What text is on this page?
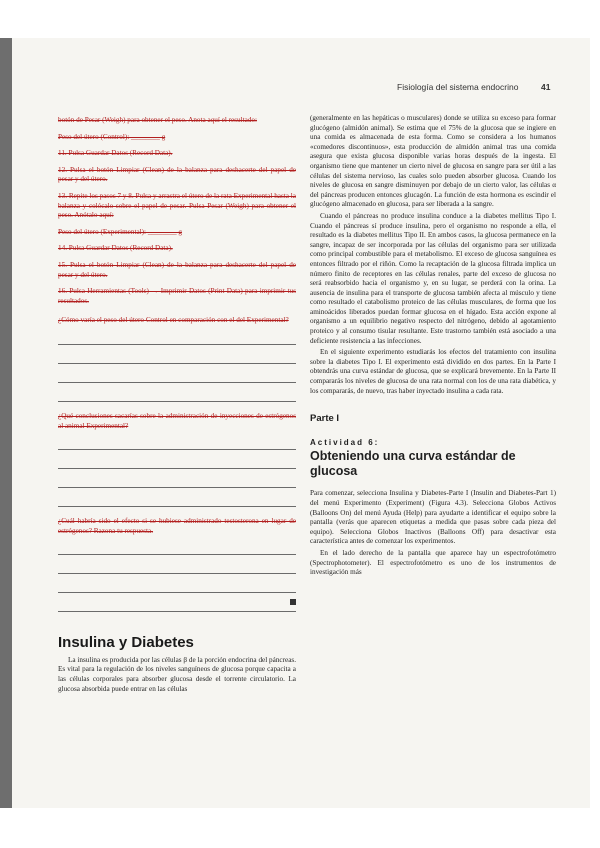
Fisiología del sistema endocrino	41
botón de Pesar (Weigh) para obtener el peso. Anota aquí el resultado:
Peso del útero (Control): ________ g
11. Pulsa Guardar Datos (Record Data).
12. Pulsa el botón Limpiar (Clean) de la balanza para deshacerte del papel de pesar y del útero.
13. Repite los pasos 7 y 8. Pulsa y arrastra el útero de la rata Experimental hasta la balanza y colócalo sobre el papel de pesar. Pulsa Pesar (Weigh) para obtener el peso. Anótalo aquí:
Peso del útero (Experimental): ________ g
14. Pulsa Guardar Datos (Record Data).
15. Pulsa el botón Limpiar (Clean) de la balanza para deshacerte del papel de pesar y del útero.
16. Pulsa Herramientas (Tools) → Imprimir Datos (Print Data) para imprimir tus resultados.
¿Cómo varía el peso del útero Control en comparación con el del Experimental?
¿Qué conclusiones sacarías sobre la administración de inyecciones de estrógenos al animal Experimental?
¿Cuál habría sido el efecto si se hubiese administrado testosterona en lugar de estrógenos? Razona tu respuesta.
Insulina y Diabetes

La insulina es producida por las células β de la porción endocrina del páncreas. Es vital para la regulación de los niveles sanguíneos de glucosa porque capacita a las células corporales para absorber glucosa desde el torrente circulatorio. La glucosa absorbida puede entrar en las células

(generalmente en las hepáticas o musculares) donde se utiliza su exceso para formar glucógeno (almidón animal). Se estima que el 75% de la glucosa que se ingiere en una comida es almacenada de esta forma. Como se considera a los humanos «comedores discontinuos», esta producción de almidón animal tras una comida asegura que exista glucosa disponible varias horas después de la ingesta. El organismo tiene que mantener un cierto nivel de glucosa en sangre para ser útil a las células del sistema nervioso, las cuales solo pueden absorber glucosa. Cuando los niveles de glucosa en sangre disminuyen por debajo de un cierto valor, las células α del páncreas producen entonces glucagón. La función de esta hormona es escindir el glucógeno almacenado en glucosa, para ser liberada a la sangre.

Cuando el páncreas no produce insulina conduce a la diabetes mellitus Tipo I. Cuando el páncreas sí produce insulina, pero el organismo no responde a ella, el resultado es la diabetes mellitus Tipo II. En ambos casos, la glucosa permanece en la sangre, incapaz de ser incorporada por las células del organismo para ser utilizada como principal combustible para el metabolismo. El exceso de glucosa sanguínea es entonces filtrado por el riñón. Como la recaptación de la glucosa filtrada implica un número finito de receptores en las células renales, parte del exceso de glucosa no será reabsorbido hacia el organismo y, en su lugar, se perderá con la orina. La ausencia de insulina para el transporte de glucosa también afecta al músculo y tiene como resultado el catabolismo proteico de las células musculares, de forma que los aminoácidos liberados puedan formar glucosa en el hígado. Esta acción expone al organismo a un equilibrio negativo respecto del nitrógeno, debido al agotamiento proteico y al consumo tisular resultante. Este trastorno también está asociado a una deficiente resistencia a las infecciones.

En el siguiente experimento estudiarás los efectos del tratamiento con insulina sobre la diabetes Tipo I. El experimento está dividido en dos partes. En la Parte I obtendrás una curva estándar de glucosa, que se explicará brevemente. En la Parte II compararás los niveles de glucosa de una rata normal con los de una rata diabética, y los compararás, de nuevo, tras haber inyectado insulina a cada rata.

Parte I
Actividad 6:
Obteniendo una curva estándar de glucosa

Para comenzar, selecciona Insulina y Diabetes-Parte I (Insulin and Diabetes-Part 1) del menú Experimento (Experiment) (Figura 4.3). Selecciona Globos Activos (Balloons On) del menú Ayuda (Help) para ayudarte a identificar el equipo sobre la pantalla (verás que aparecen etiquetas a medida que pasas sobre cada pieza del equipo). Selecciona Globos Inactivos (Balloons Off) para desactivar esta característica antes de comenzar los experimentos.

En el lado derecho de la pantalla que aparece hay un espectrofotómetro (Spectrophotometer). El espectrofotómetro es uno de los instrumentos de investigación más
